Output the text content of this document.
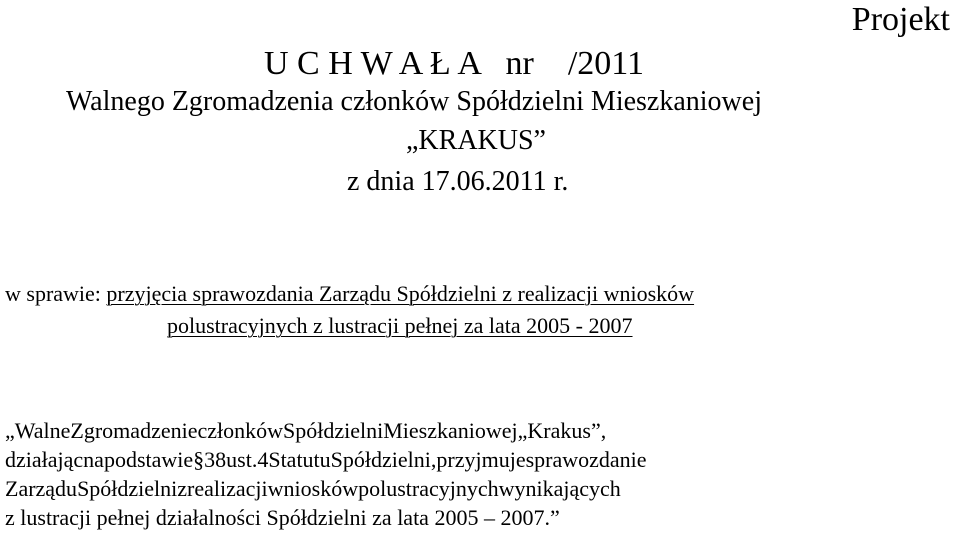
Projekt
U C H W A Ł A   nr    /2011
Walnego Zgromadzenia członków Spółdzielni Mieszkaniowej
„KRAKUS”
z dnia 17.06.2011 r.
w sprawie: przyjęcia sprawozdania Zarządu Spółdzielni z realizacji wniosków
polustracyjnych z lustracji pełnej za lata 2005 - 2007
„WalneZgromadzenieczłonkówSpółdzielniMieszkaniowej„Krakus”,
działającnapodstawie§38ust.4StatutuSpółdzielni,przyjmujesprawozdanie
ZarząduSpółdzielnizrealizacjiwnioskówpolustracyjnychwynikających
z lustracji pełnej działalności Spółdzielni za lata 2005 – 2007.”
